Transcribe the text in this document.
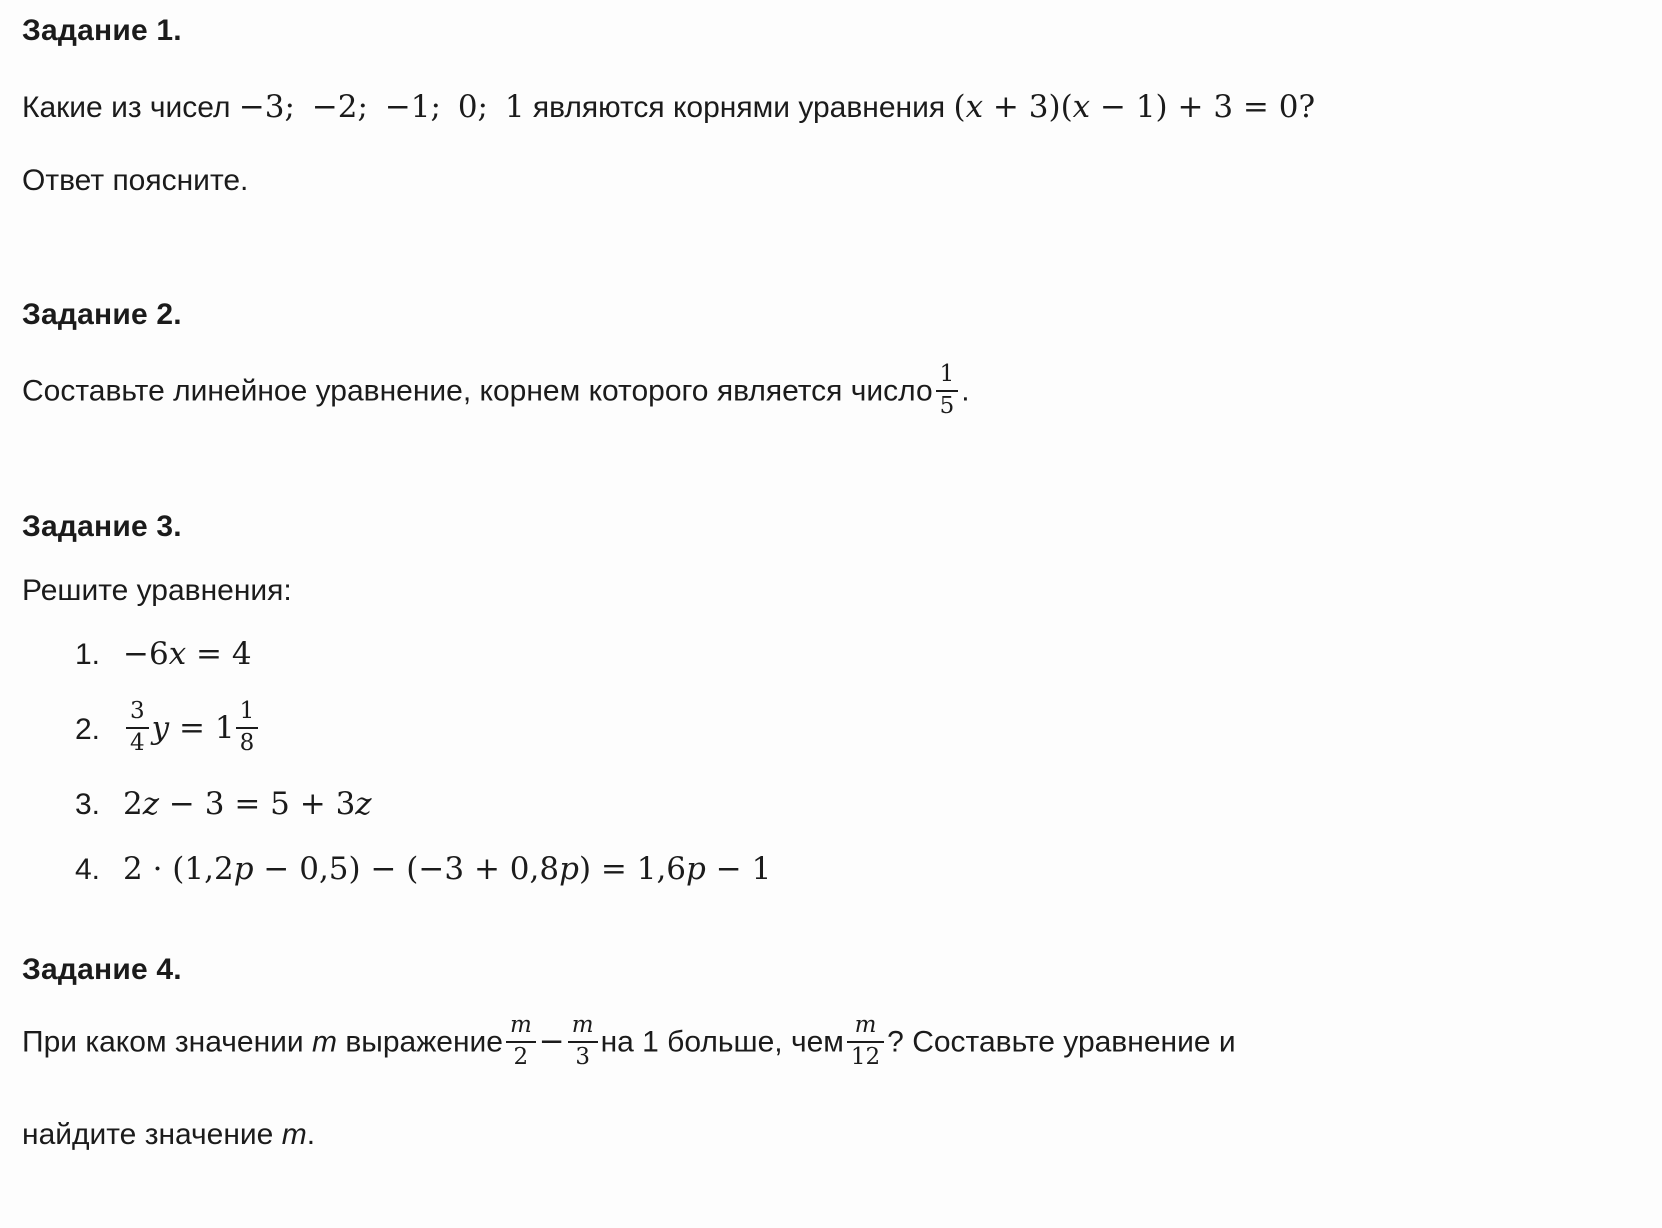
Задание 1.

Какие из чисел −3; −2; −1; 0; 1 являются корнями уравнения (x + 3)(x − 1) + 3 = 0?

Ответ поясните.

Задание 2.

Составьте линейное уравнение, корнем которого является число $\frac{1}{5}$ .

Задание 3.

Решите уравнения:

1. −6x = 4
2.	$\frac{3}{4}$ $y = 1 \frac{1}{8}$
3. 2z − 3 = 5 + 3z
4. 2 · (1,2p − 0,5) − (−3 + 0,8p) = 1,6p − 1

Задание 4.

При каком значении m выражение $\frac{m}{2} - \frac{m}{3}$ на 1 больше, чем $\frac{m}{12}$ ? Составьте уравнение и

найдите значение m.
